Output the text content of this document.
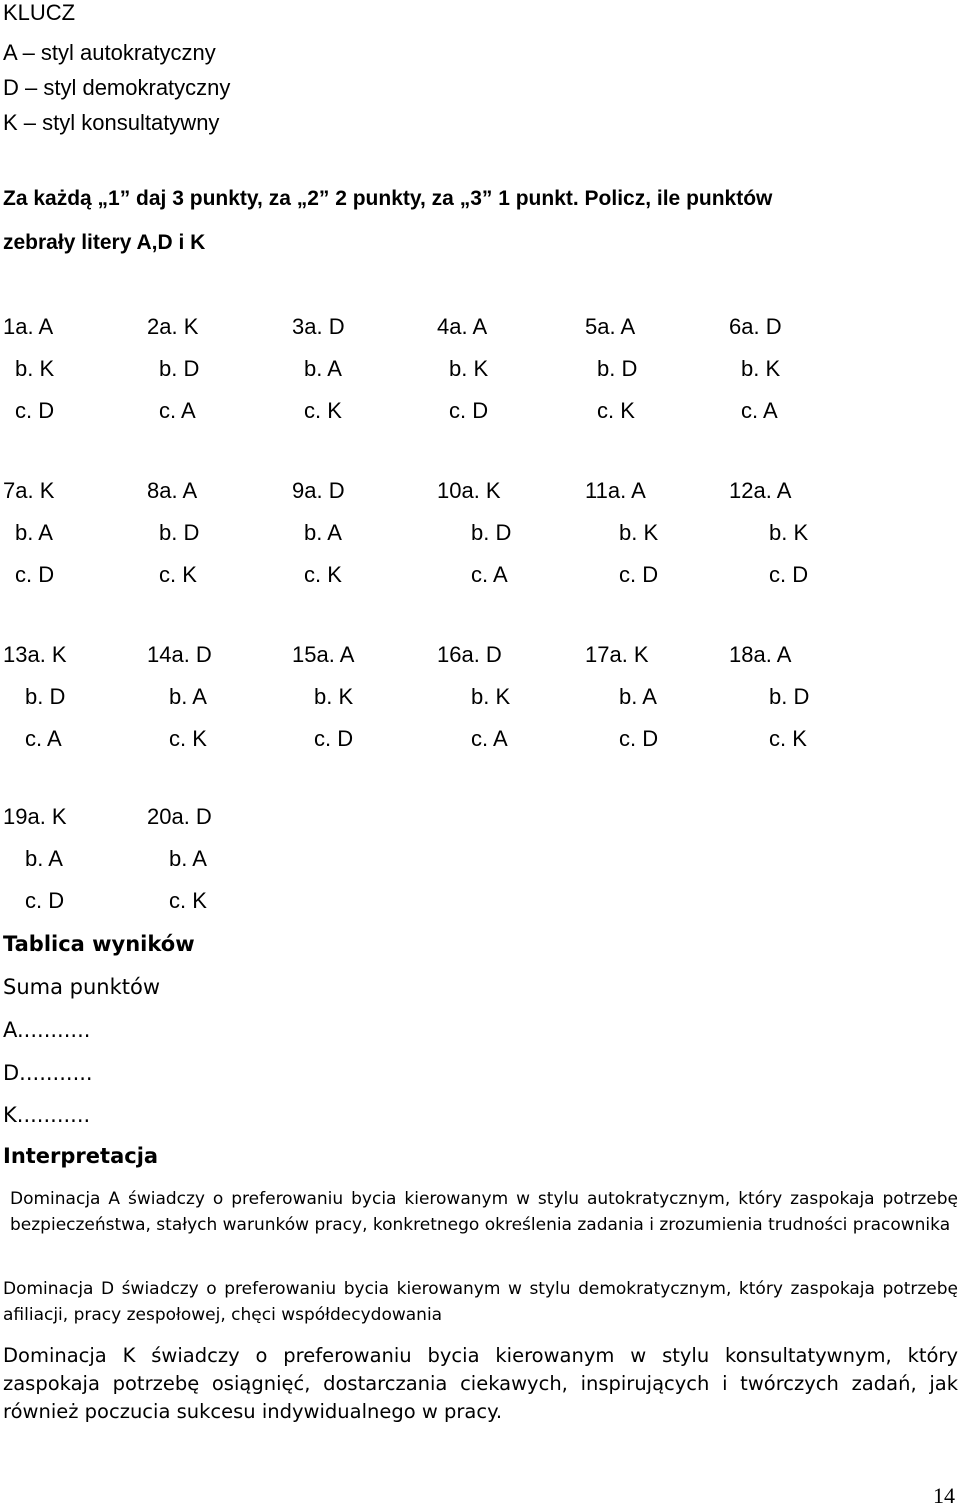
KLUCZ
A – styl autokratyczny
D – styl demokratyczny
K – styl konsultatywny
Za każdą „1” daj 3 punkty, za „2” 2 punkty, za „3” 1 punkt. Policz, ile punktów
zebrały litery A,D i K
1a. A
b. K
c. D
2a. K
b. D
c. A
3a. D
b. A
c. K
4a. A
b. K
c. D
5a. A
b. D
c. K
6a. D
b. K
c. A
7a. K
b. A
c. D
8a. A
b. D
c. K
9a. D
b. A
c. K
10a. K
b. D
c. A
11a. A
b. K
c. D
12a. A
b. K
c. D
13a. K
b. D
c. A
14a. D
b. A
c. K
15a. A
b. K
c. D
16a. D
b. K
c. A
17a. K
b. A
c. D
18a. A
b. D
c. K
19a. K
b. A
c. D
20a. D
b. A
c. K
Tablica wyników
Suma punktów
A...........
D...........
K...........
Interpretacja

Dominacja A świadczy o preferowaniu bycia kierowanym w stylu autokratycznym, który zaspokaja potrzebę bezpieczeństwa, stałych warunków pracy, konkretnego określenia zadania i zrozumienia trudności pracownika

Dominacja D świadczy o preferowaniu bycia kierowanym w stylu demokratycznym, który zaspokaja potrzebę afiliacji, pracy zespołowej, chęci współdecydowania

Dominacja K świadczy o preferowaniu bycia kierowanym w stylu konsultatywnym, który zaspokaja potrzebę osiągnięć, dostarczania ciekawych, inspirujących i twórczych zadań, jak również poczucia sukcesu indywidualnego w pracy.

14
